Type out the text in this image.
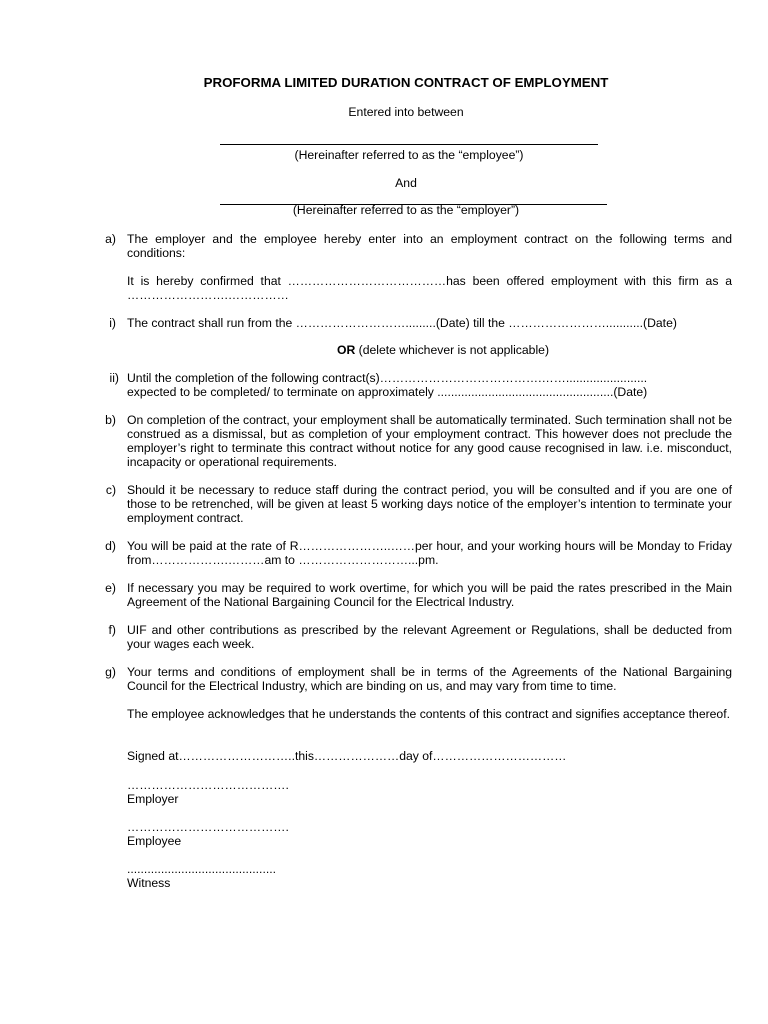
PROFORMA LIMITED DURATION CONTRACT OF EMPLOYMENT
Entered into between
(Hereinafter referred to as the “employee”)
And
(Hereinafter referred to as the “employer”)
a) The employer and the employee hereby enter into an employment contract on the following terms and conditions:
It is hereby confirmed that …………………………………has been offered employment with this firm as a …………………….……………
i) The contract shall run from the ……………………….........(Date) till the ……………………...........(Date)
OR (delete whichever is not applicable)
ii) Until the completion of the following contract(s)………………………………….……........................
expected to be completed/ to terminate on approximately ....................................................(Date)
b) On completion of the contract, your employment shall be automatically terminated. Such termination shall not be construed as a dismissal, but as completion of your employment contract. This however does not preclude the employer’s right to terminate this contract without notice for any good cause recognised in law. i.e. misconduct, incapacity or operational requirements.
c) Should it be necessary to reduce staff during the contract period, you will be consulted and if you are one of those to be retrenched, will be given at least 5 working days notice of the employer’s intention to terminate your employment contract.
d) You will be paid at the rate of R…………………..……per hour, and your working hours will be Monday to Friday from……………….………am to ………………………...pm.
e) If necessary you may be required to work overtime, for which you will be paid the rates prescribed in the Main Agreement of the National Bargaining Council for the Electrical Industry.
f) UIF and other contributions as prescribed by the relevant Agreement or Regulations, shall be deducted from your wages each week.
g) Your terms and conditions of employment shall be in terms of the Agreements of the National Bargaining Council for the Electrical Industry, which are binding on us, and may vary from time to time.
The employee acknowledges that he understands the contents of this contract and signifies acceptance thereof.
Signed at………………………..this…………………day of……………………………
………………………………….
Employer
………………………………….
Employee
............................................
Witness
